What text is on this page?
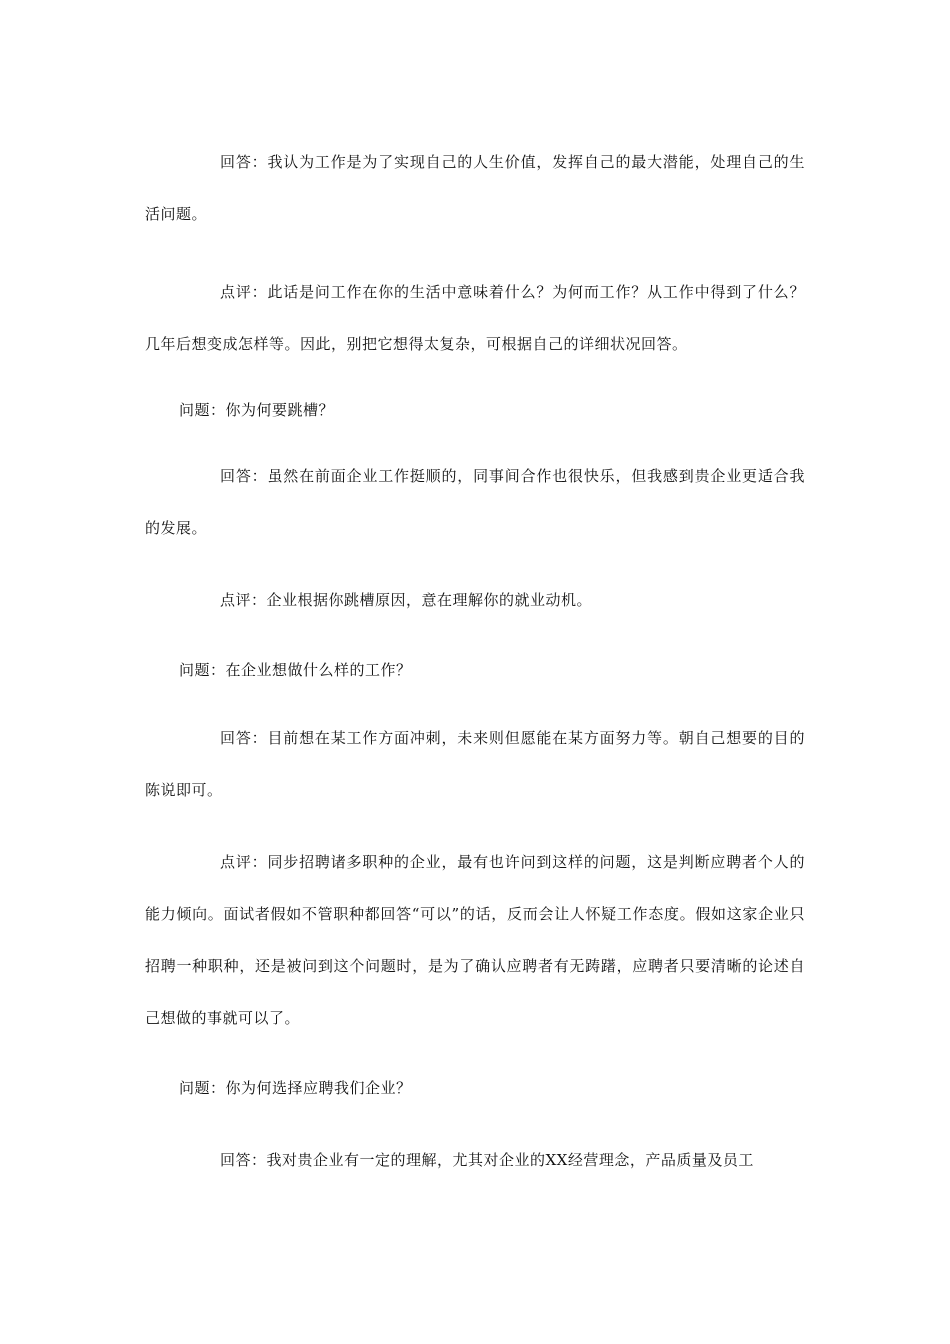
回答：我认为工作是为了实现自己的人生价值，发挥自己的最大潜能，处理自己的生活问题。

点评：此话是问工作在你的生活中意味着什么？为何而工作？从工作中得到了什么？几年后想变成怎样等。因此，别把它想得太复杂，可根据自己的详细状况回答。

问题：你为何要跳槽？

回答：虽然在前面企业工作挺顺的，同事间合作也很快乐，但我感到贵企业更适合我的发展。

点评：企业根据你跳槽原因，意在理解你的就业动机。

问题：在企业想做什么样的工作？

回答：目前想在某工作方面冲刺，未来则但愿能在某方面努力等。朝自己想要的目的陈说即可。

点评：同步招聘诸多职种的企业，最有也许问到这样的问题，这是判断应聘者个人的能力倾向。面试者假如不管职种都回答“可以”的话，反而会让人怀疑工作态度。假如这家企业只招聘一种职种，还是被问到这个问题时，是为了确认应聘者有无踌躇，应聘者只要清晰的论述自己想做的事就可以了。

问题：你为何选择应聘我们企业？

回答：我对贵企业有一定的理解，尤其对企业的XX经营理念，产品质量及员工
